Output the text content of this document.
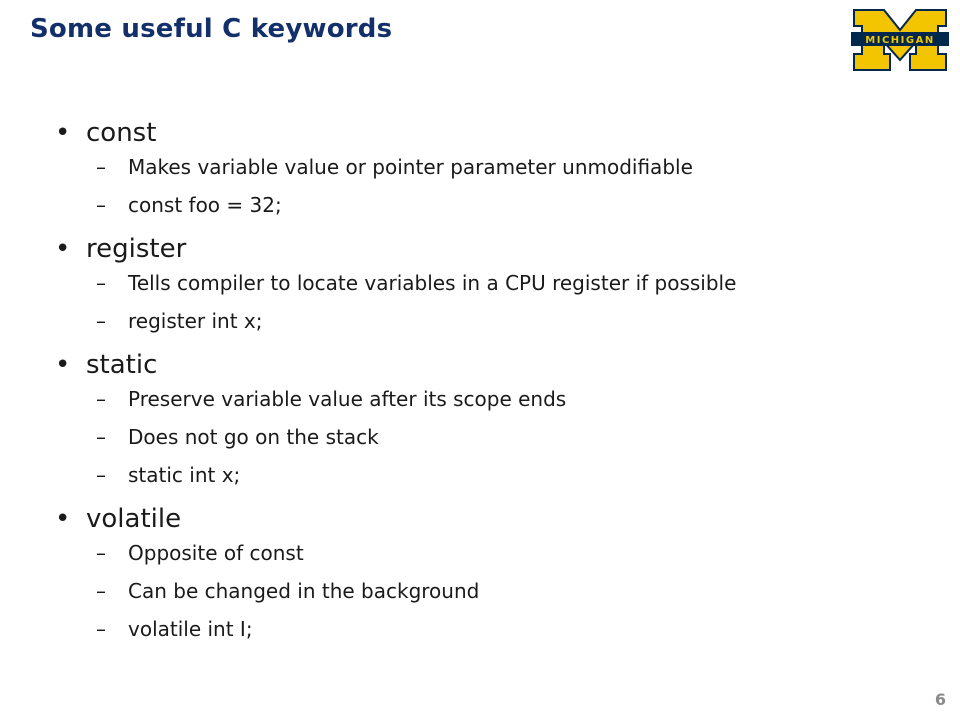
Some useful C keywords	MICHIGAN
• const
– Makes variable value or pointer parameter unmodifiable
– const foo = 32;
• register
– Tells compiler to locate variables in a CPU register if possible
– register int x;
• static
– Preserve variable value after its scope ends
– Does not go on the stack
– static int x;
• volatile
– Opposite of const
– Can be changed in the background
– volatile int I;
6
